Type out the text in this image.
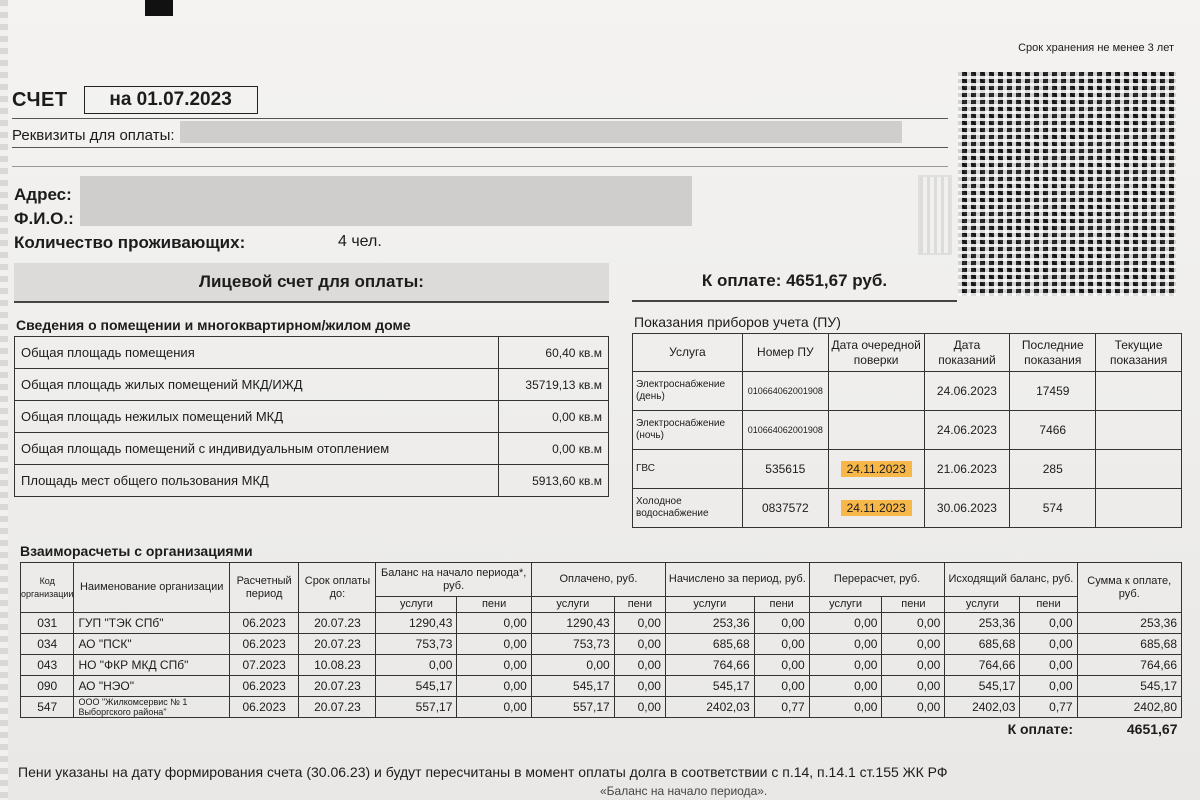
Срок хранения не менее 3 лет
СЧЕТ	на 01.07.2023
Реквизиты для оплаты:
Адрес:
Ф.И.О.:
Количество проживающих:	4 чел.
Лицевой счет для оплаты:	К оплате: 4651,67 руб.
Сведения о помещении и многоквартирном/жилом доме
Общая площадь помещения	60,40 кв.м
Общая площадь жилых помещений МКД/ИЖД	35719,13 кв.м
Общая площадь нежилых помещений МКД	0,00 кв.м
Общая площадь помещений с индивидуальным отоплением	0,00 кв.м
Площадь мест общего пользования МКД	5913,60 кв.м
Показания приборов учета (ПУ)
Услуга	Номер ПУ	Дата очередной поверки	Дата показаний	Последние показания	Текущие показания
Электроснабжение (день)	010664062001908		24.06.2023	17459	
Электроснабжение (ночь)	010664062001908		24.06.2023	7466	
ГВС	535615	24.11.2023	21.06.2023	285	
Холодное водоснабжение	0837572	24.11.2023	30.06.2023	574	
Взаиморасчеты с организациями
Код организации	Наименование организации	Расчетный период	Срок оплаты до:	Баланс на начало периода*, руб.		Оплачено, руб.		Начислено за период, руб.		Перерасчет, руб.		Исходящий баланс, руб.		Сумма к оплате, руб.
				услуги	пени	услуги	пени	услуги	пени	услуги	пени	услуги	пени	
031	ГУП "ТЭК СПб"	06.2023	20.07.23	1290,43	0,00	1290,43	0,00	253,36	0,00	0,00	0,00	253,36	0,00	253,36
034	АО "ПСК"	06.2023	20.07.23	753,73	0,00	753,73	0,00	685,68	0,00	0,00	0,00	685,68	0,00	685,68
043	НО "ФКР МКД СПб"	07.2023	10.08.23	0,00	0,00	0,00	0,00	764,66	0,00	0,00	0,00	764,66	0,00	764,66
090	АО "НЭО"	06.2023	20.07.23	545,17	0,00	545,17	0,00	545,17	0,00	0,00	0,00	545,17	0,00	545,17
547	ООО "Жилкомсервис № 1 Выборгского района"	06.2023	20.07.23	557,17	0,00	557,17	0,00	2402,03	0,77	0,00	0,00	2402,03	0,77	2402,80
К оплате:														4651,67
Пени указаны на дату формирования счета (30.06.23) и будут пересчитаны в момент оплаты долга в соответствии с п.14, п.14.1 ст.155 ЖК РФ
«Баланс на начало периода».
